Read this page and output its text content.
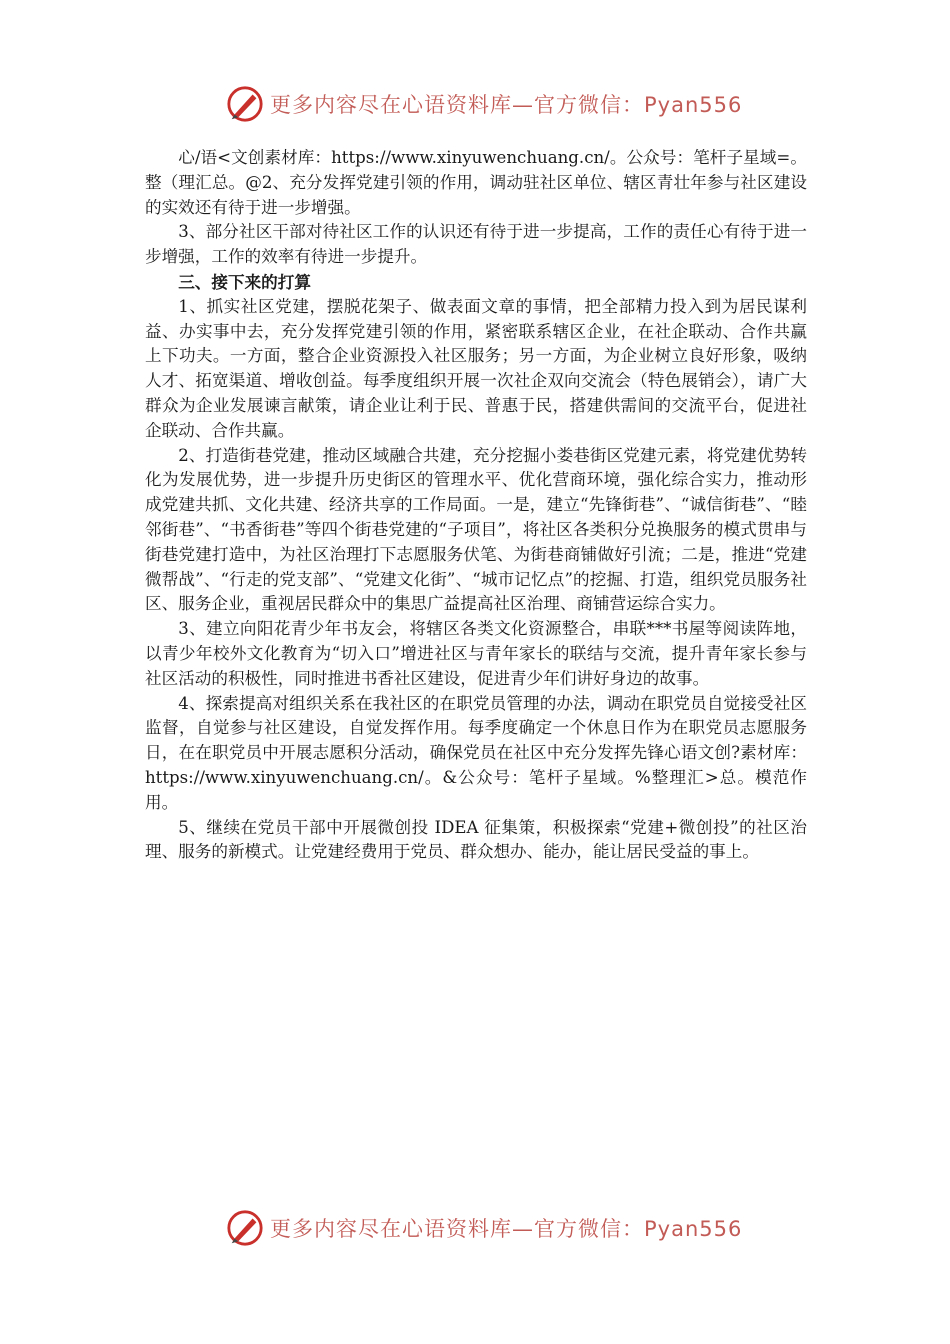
更多内容尽在心语资料库—官方微信：Pyan556

心/语<文创素材库：https://www.xinyuwenchuang.cn/。公众号：笔杆子星域=。整（理汇总。@2、充分发挥党建引领的作用，调动驻社区单位、辖区青壮年参与社区建设的实效还有待于进一步增强。

3、部分社区干部对待社区工作的认识还有待于进一步提高，工作的责任心有待于进一步增强，工作的效率有待进一步提升。

三、接下来的打算

1、抓实社区党建，摆脱花架子、做表面文章的事情，把全部精力投入到为居民谋利益、办实事中去，充分发挥党建引领的作用，紧密联系辖区企业，在社企联动、合作共赢上下功夫。一方面，整合企业资源投入社区服务；另一方面，为企业树立良好形象，吸纳人才、拓宽渠道、增收创益。每季度组织开展一次社企双向交流会（特色展销会），请广大群众为企业发展谏言献策，请企业让利于民、普惠于民，搭建供需间的交流平台，促进社企联动、合作共赢。

2、打造街巷党建，推动区域融合共建，充分挖掘小娄巷街区党建元素，将党建优势转化为发展优势，进一步提升历史街区的管理水平、优化营商环境，强化综合实力，推动形成党建共抓、文化共建、经济共享的工作局面。一是，建立“先锋街巷”、“诚信街巷”、“睦邻街巷”、“书香街巷”等四个街巷党建的“子项目”，将社区各类积分兑换服务的模式贯串与街巷党建打造中，为社区治理打下志愿服务伏笔、为街巷商铺做好引流；二是，推进“党建微帮战”、“行走的党支部”、“党建文化街”、“城市记忆点”的挖掘、打造，组织党员服务社区、服务企业，重视居民群众中的集思广益提高社区治理、商铺营运综合实力。

3、建立向阳花青少年书友会，将辖区各类文化资源整合，串联***书屋等阅读阵地，以青少年校外文化教育为“切入口”增进社区与青年家长的联结与交流，提升青年家长参与社区活动的积极性，同时推进书香社区建设，促进青少年们讲好身边的故事。

4、探索提高对组织关系在我社区的在职党员管理的办法，调动在职党员自觉接受社区监督，自觉参与社区建设，自觉发挥作用。每季度确定一个休息日作为在职党员志愿服务日，在在职党员中开展志愿积分活动，确保党员在社区中充分发挥先锋心语文创?素材库：https://www.xinyuwenchuang.cn/。&公众号：笔杆子星域。%整理汇>总。模范作用。

5、继续在党员干部中开展微创投 IDEA 征集策，积极探索“党建+微创投”的社区治理、服务的新模式。让党建经费用于党员、群众想办、能办，能让居民受益的事上。

更多内容尽在心语资料库—官方微信：Pyan556
